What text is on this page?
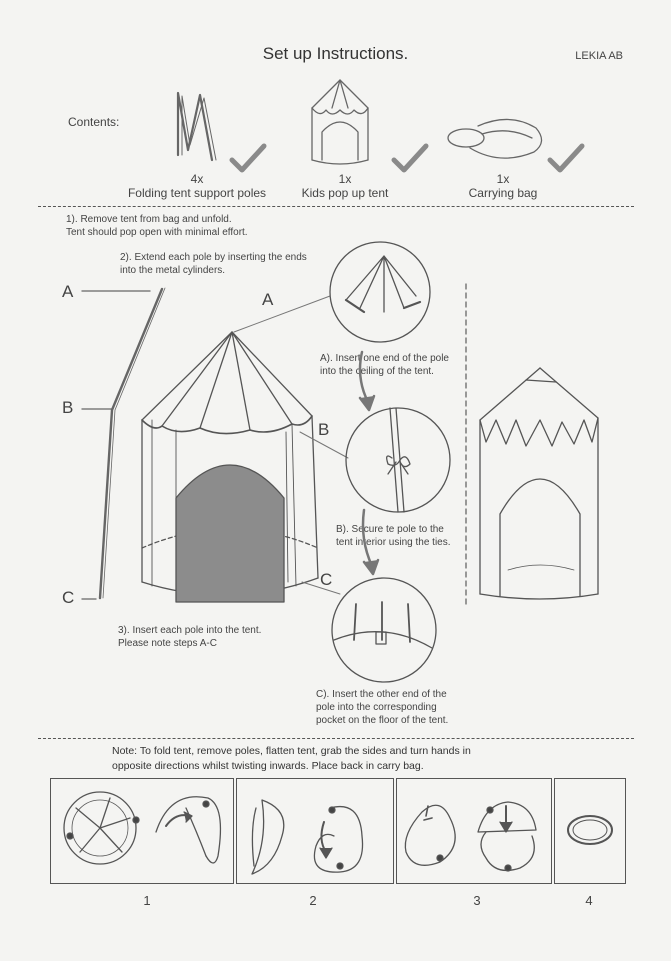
Set up Instructions.	LEKIA AB
Contents:
4x
Folding tent support poles
1x
Kids pop up tent
1x
Carrying bag
1). Remove tent from bag and unfold.
Tent should pop open with minimal effort.
2). Extend each pole by inserting the ends
into the metal cylinders.
3). Insert each pole into the tent.
Please note steps A-C
A
B
C
A
B
C
A). Insert one end of the pole
into the ceiling of the tent.
B). Secure te pole to the
tent interior using the ties.
C). Insert the other end of the
pole into the corresponding
pocket on the floor of the tent.
Note: To fold tent, remove poles, flatten tent, grab the sides and turn hands in
opposite directions whilst twisting inwards. Place back in carry bag.
1	2	3	4
